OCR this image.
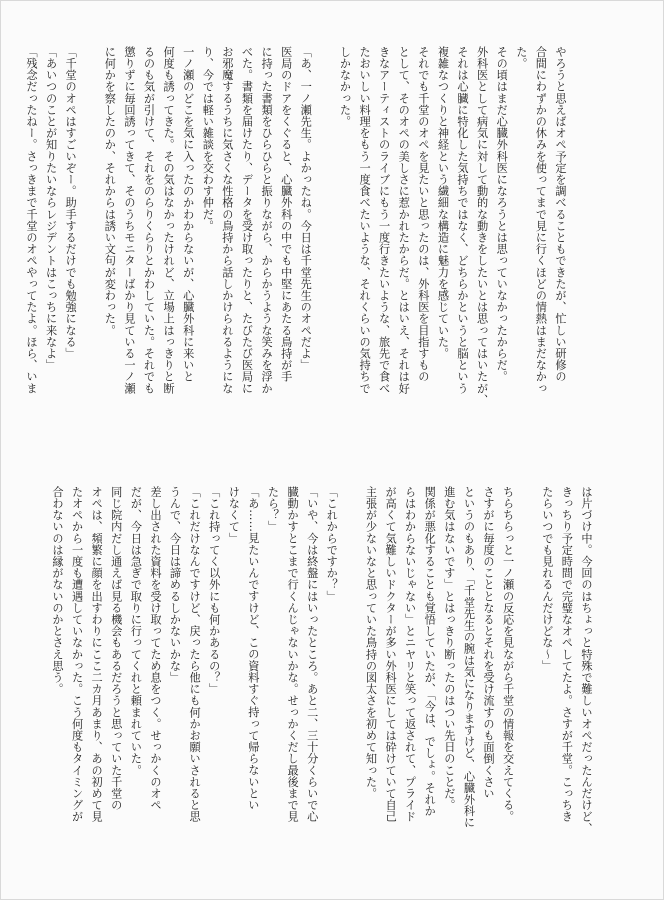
やろうと思えばオペ予定を調べることもできたが、忙しい研修の
合間にわずかの休みを使ってまで見に行くほどの情熱はまだなかっ
た。
その頃はまだ心臓外科医になろうとは思っていなかったからだ。
外科医として病気に対して動的な動きをしたいとは思ってはいたが、
それは心臓に特化した気持ちではなく、どちらかというと脳という
複雑なつくりと神経という繊細な構造に魅力を感じていた。
それでも千堂のオペを見たいと思ったのは、外科医を目指すもの
として、そのオペの美しさに惹かれたからだ。とはいえ、それは好
きなアーティストのライブにもう一度行きたいような、旅先で食べ
たおいしい料理をもう一度食べたいような、それくらいの気持ちで
しかなかった。

「あ、一ノ瀬先生。よかったね。今日は千堂先生のオペだよ」
医局のドアをくぐると、心臓外科の中でも中堅にあたる鳥持が手
に持った書類をひらひらと振りながら、からかうような笑みを浮か
べた。書類を届けたり、データを受け取ったりと、たびたび医局に
お邪魔するうちに気さくな性格の鳥持から話しかけられるようにな
り、今では軽い雑談を交わす仲だ。
一ノ瀬のどこを気に入ったのかわからないが、心臓外科に来いと
何度も誘ってきた。その気はなかったけれど、立場上はっきりと断
るのも気が引けて、それをのらりくらりとかわしていた。それでも
懲りずに毎回誘ってきて、そのうちモニターばかり見ている一ノ瀬
に何かを察したのか、それからは誘い文句が変わった。

「千堂のオペはすごいぞー。助手するだけでも勉強になる」
「あいつのことが知りたいならレジデントはこっちに来なよ」
「残念だったねー。さっきまで千堂のオペやってたよ。ほら、いま
は片づけ中。今回のはちょっと特殊で難しいオペだったんだけど、
きっちり予定時間で完璧なオペしてたよ。さすが千堂。こっちき
たらいつでも見れるんだけどな～」

ちらちらっと一ノ瀬の反応を見ながら千堂の情報を交えてくる。
さすがに毎度のこととなるとそれを受け流すのも面倒くさい
というのもあり、「千堂先生の腕は気になりますけど、心臓外科に
進む気はないです」とはっきり断ったのはつい先日のことだ。
関係が悪化することも覚悟していたが、「今は、でしょ。それか
らはわからないじゃない」とニヤリと笑って返されて、プライド
が高くて気難しいドクターが多い外科医にしては砕けていて自己
主張が少ないなと思っていた鳥持の図太さを初めて知った。

「これからですか？」
「いや、今は終盤にはいったところ。あと二、三十分くらいで心
臓動かすとこまで行くんじゃないかな。せっかくだし最後まで見
たら？」
「あ……見たいんですけど、この資料すぐ持って帰らないとい
けなくて」
「これ持ってく以外にも何かあるの？」
「これだけなんですけど、戻ったら他にも何かお願いされると思
うんで、今日は諦めるしかないかな」
差し出された資料を受け取ってため息をつく。せっかくのオペ
だが、今日は急ぎで取りに行ってくれと頼まれていた。
同じ院内だし通えば見る機会もあるだろうと思っていた千堂の
オペは、頻繁に顔を出すわりにここ二カ月あまり、あの初めて見
たオペから一度も遭遇していなかった。こう何度もタイミングが
合わないのは縁がないのかとさえ思う。
